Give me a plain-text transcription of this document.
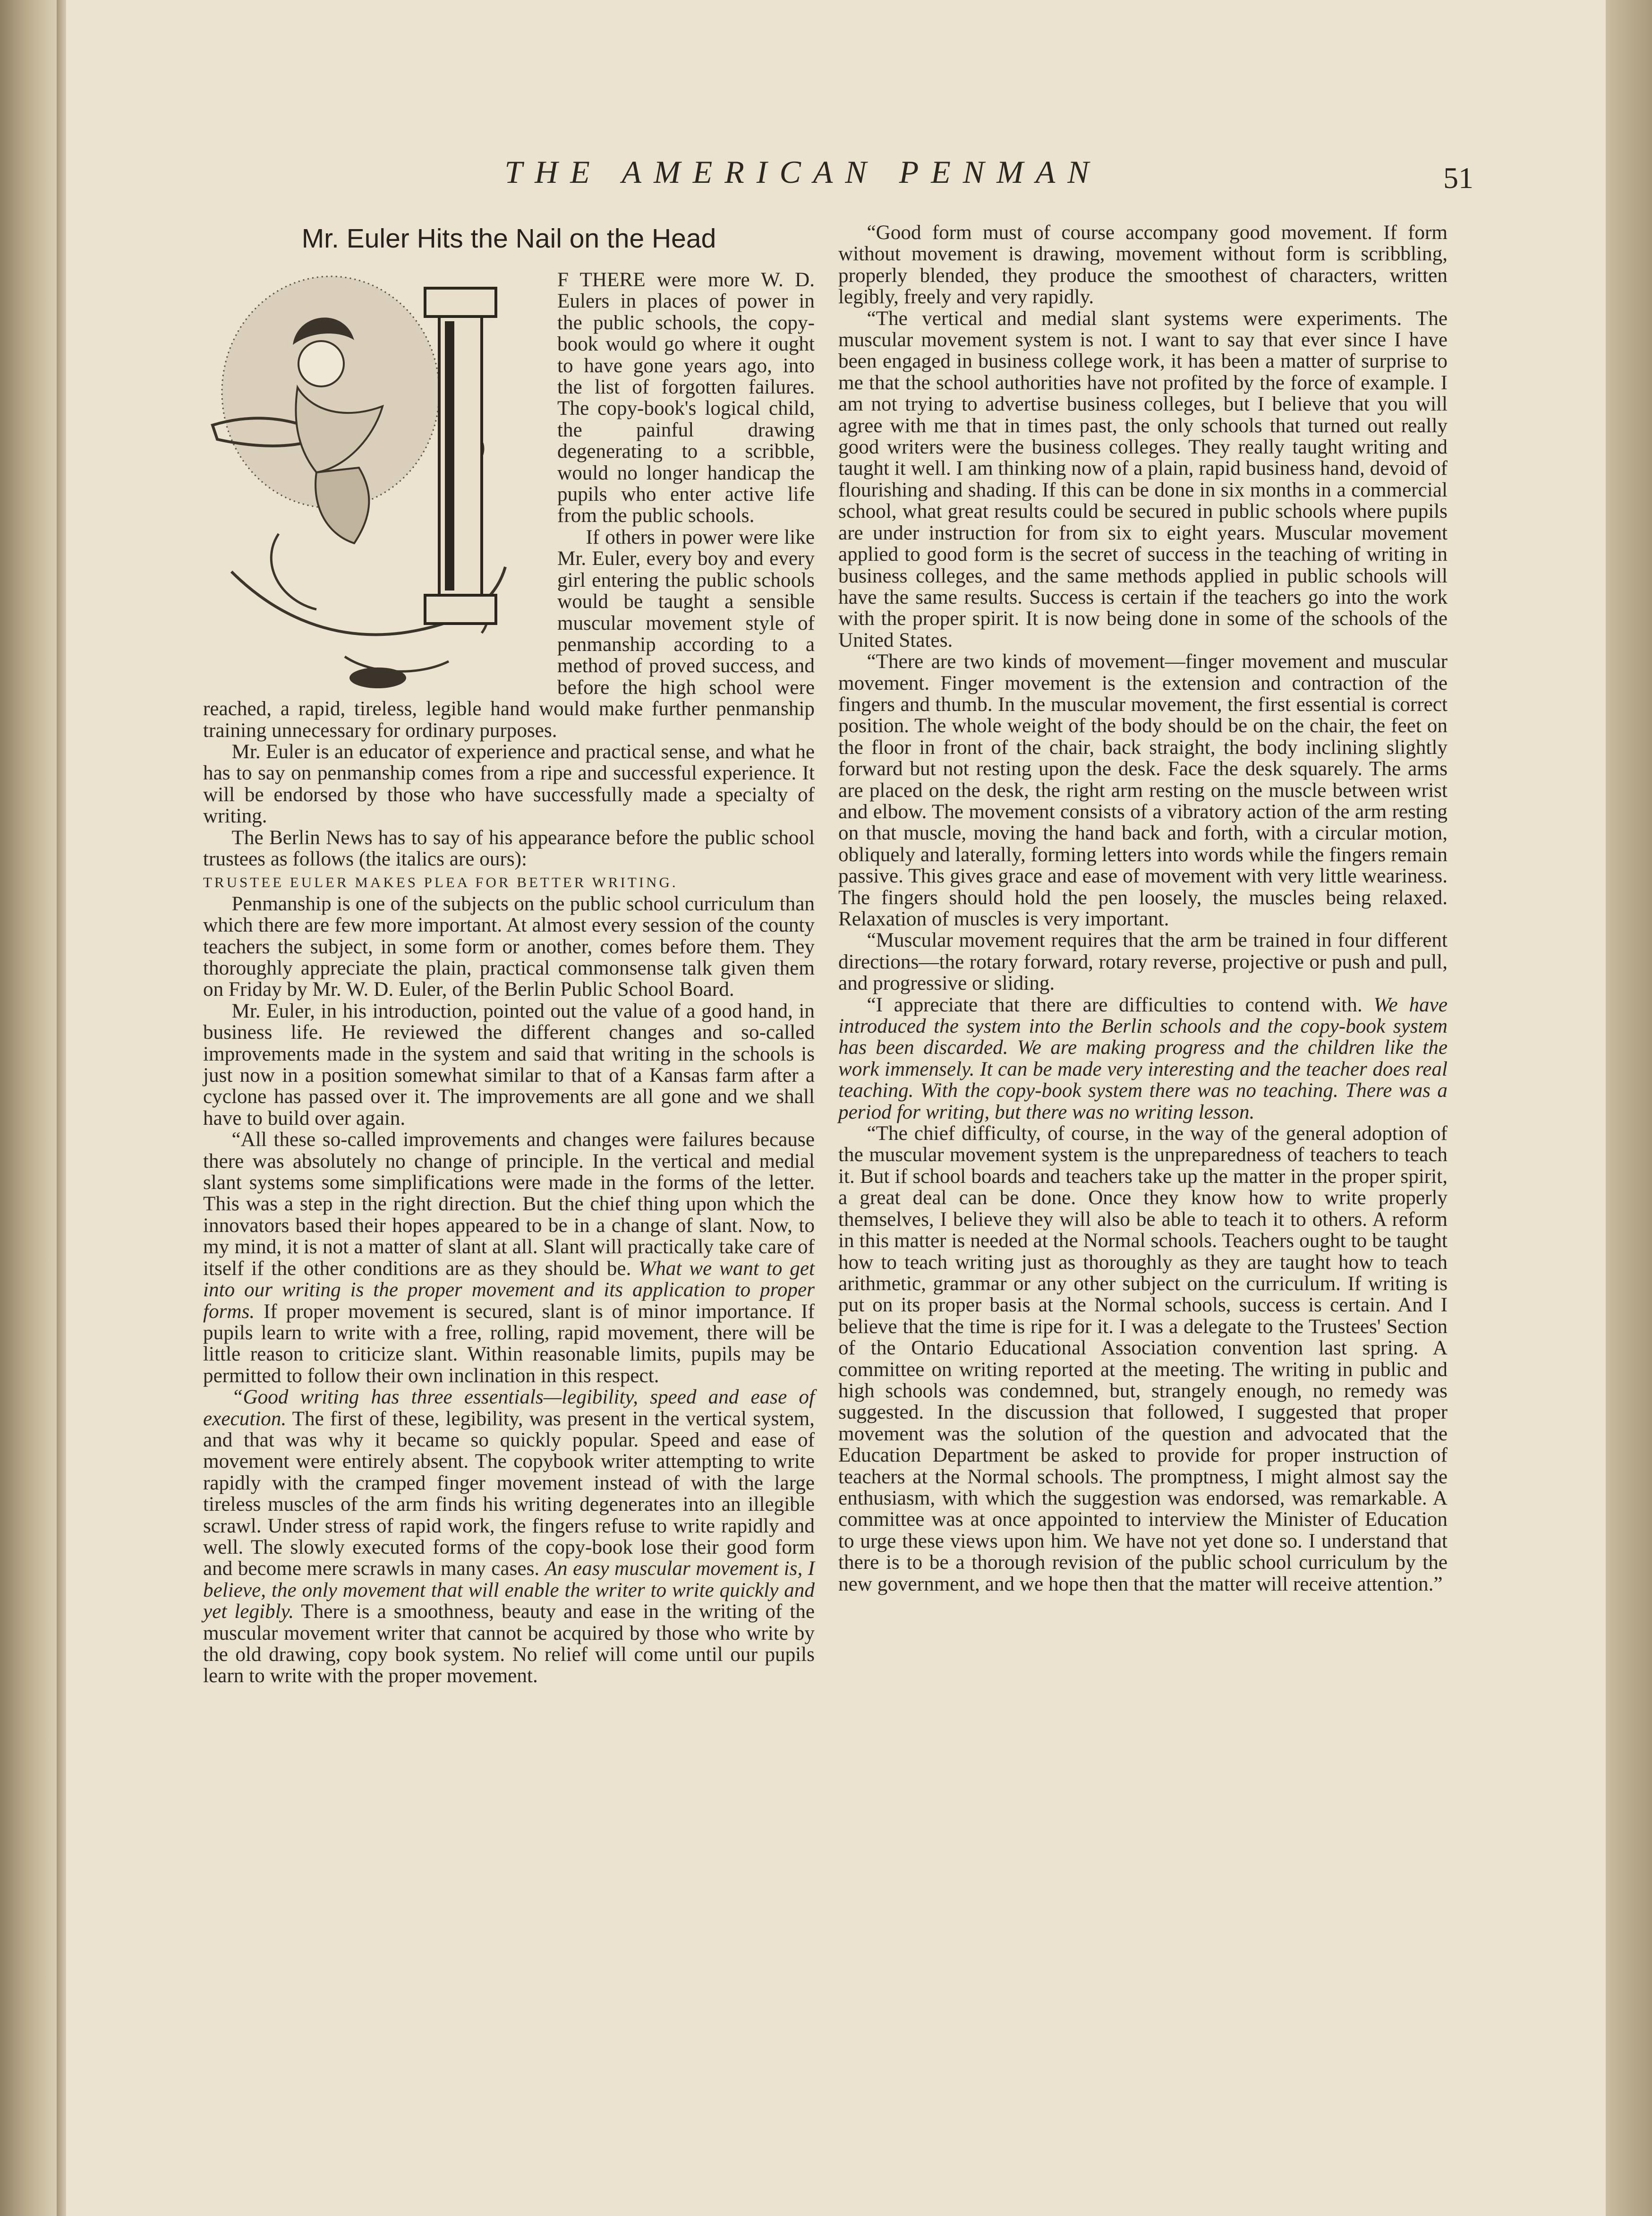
THE AMERICAN PENMAN	51
Mr. Euler Hits the Nail on the Head

F THERE were more W. D. Eulers in places of power in the public schools, the copy-book would go where it ought to have gone years ago, into the list of forgotten failures. The copy-book's logical child, the painful drawing degenerating to a scribble, would no longer handicap the pupils who enter active life from the public schools.

If others in power were like Mr. Euler, every boy and every girl entering the public schools would be taught a sensible muscular movement style of penmanship according to a method of proved success, and before the high school were reached, a rapid, tireless, legible hand would make further penmanship training unnecessary for ordinary purposes.

Mr. Euler is an educator of experience and practical sense, and what he has to say on penmanship comes from a ripe and successful experience. It will be endorsed by those who have successfully made a specialty of writing.

The Berlin News has to say of his appearance before the public school trustees as follows (the italics are ours):

TRUSTEE EULER MAKES PLEA FOR BETTER WRITING.

Penmanship is one of the subjects on the public school curriculum than which there are few more important. At almost every session of the county teachers the subject, in some form or another, comes before them. They thoroughly appreciate the plain, practical commonsense talk given them on Friday by Mr. W. D. Euler, of the Berlin Public School Board.

Mr. Euler, in his introduction, pointed out the value of a good hand, in business life. He reviewed the different changes and so-called improvements made in the system and said that writing in the schools is just now in a position somewhat similar to that of a Kansas farm after a cyclone has passed over it. The improvements are all gone and we shall have to build over again.

“All these so-called improvements and changes were failures because there was absolutely no change of principle. In the vertical and medial slant systems some simplifications were made in the forms of the letter. This was a step in the right direction. But the chief thing upon which the innovators based their hopes appeared to be in a change of slant. Now, to my mind, it is not a matter of slant at all. Slant will practically take care of itself if the other conditions are as they should be. What we want to get into our writing is the proper movement and its application to proper forms. If proper movement is secured, slant is of minor importance. If pupils learn to write with a free, rolling, rapid movement, there will be little reason to criticize slant. Within reasonable limits, pupils may be permitted to follow their own inclination in this respect.

“Good writing has three essentials—legibility, speed and ease of execution. The first of these, legibility, was present in the vertical system, and that was why it became so quickly popular. Speed and ease of movement were entirely absent. The copybook writer attempting to write rapidly with the cramped finger movement instead of with the large tireless muscles of the arm finds his writing degenerates into an illegible scrawl. Under stress of rapid work, the fingers refuse to write rapidly and well. The slowly executed forms of the copy-book lose their good form and become mere scrawls in many cases. An easy muscular movement is, I believe, the only movement that will enable the writer to write quickly and yet legibly. There is a smoothness, beauty and ease in the writing of the muscular movement writer that cannot be acquired by those who write by the old drawing, copy book system. No relief will come until our pupils learn to write with the proper movement.

“Good form must of course accompany good movement. If form without movement is drawing, movement without form is scribbling, properly blended, they produce the smoothest of characters, written legibly, freely and very rapidly.

“The vertical and medial slant systems were experiments. The muscular movement system is not. I want to say that ever since I have been engaged in business college work, it has been a matter of surprise to me that the school authorities have not profited by the force of example. I am not trying to advertise business colleges, but I believe that you will agree with me that in times past, the only schools that turned out really good writers were the business colleges. They really taught writing and taught it well. I am thinking now of a plain, rapid business hand, devoid of flourishing and shading. If this can be done in six months in a commercial school, what great results could be secured in public schools where pupils are under instruction for from six to eight years. Muscular movement applied to good form is the secret of success in the teaching of writing in business colleges, and the same methods applied in public schools will have the same results. Success is certain if the teachers go into the work with the proper spirit. It is now being done in some of the schools of the United States.

“There are two kinds of movement—finger movement and muscular movement. Finger movement is the extension and contraction of the fingers and thumb. In the muscular movement, the first essential is correct position. The whole weight of the body should be on the chair, the feet on the floor in front of the chair, back straight, the body inclining slightly forward but not resting upon the desk. Face the desk squarely. The arms are placed on the desk, the right arm resting on the muscle between wrist and elbow. The movement consists of a vibratory action of the arm resting on that muscle, moving the hand back and forth, with a circular motion, obliquely and laterally, forming letters into words while the fingers remain passive. This gives grace and ease of movement with very little weariness. The fingers should hold the pen loosely, the muscles being relaxed. Relaxation of muscles is very important.

“Muscular movement requires that the arm be trained in four different directions—the rotary forward, rotary reverse, projective or push and pull, and progressive or sliding.

“I appreciate that there are difficulties to contend with. We have introduced the system into the Berlin schools and the copy-book system has been discarded. We are making progress and the children like the work immensely. It can be made very interesting and the teacher does real teaching. With the copy-book system there was no teaching. There was a period for writing, but there was no writing lesson.

“The chief difficulty, of course, in the way of the general adoption of the muscular movement system is the unpreparedness of teachers to teach it. But if school boards and teachers take up the matter in the proper spirit, a great deal can be done. Once they know how to write properly themselves, I believe they will also be able to teach it to others. A reform in this matter is needed at the Normal schools. Teachers ought to be taught how to teach writing just as thoroughly as they are taught how to teach arithmetic, grammar or any other subject on the curriculum. If writing is put on its proper basis at the Normal schools, success is certain. And I believe that the time is ripe for it. I was a delegate to the Trustees' Section of the Ontario Educational Association convention last spring. A committee on writing reported at the meeting. The writing in public and high schools was condemned, but, strangely enough, no remedy was suggested. In the discussion that followed, I suggested that proper movement was the solution of the question and advocated that the Education Department be asked to provide for proper instruction of teachers at the Normal schools. The promptness, I might almost say the enthusiasm, with which the suggestion was endorsed, was remarkable. A committee was at once appointed to interview the Minister of Education to urge these views upon him. We have not yet done so. I understand that there is to be a thorough revision of the public school curriculum by the new government, and we hope then that the matter will receive attention.”
